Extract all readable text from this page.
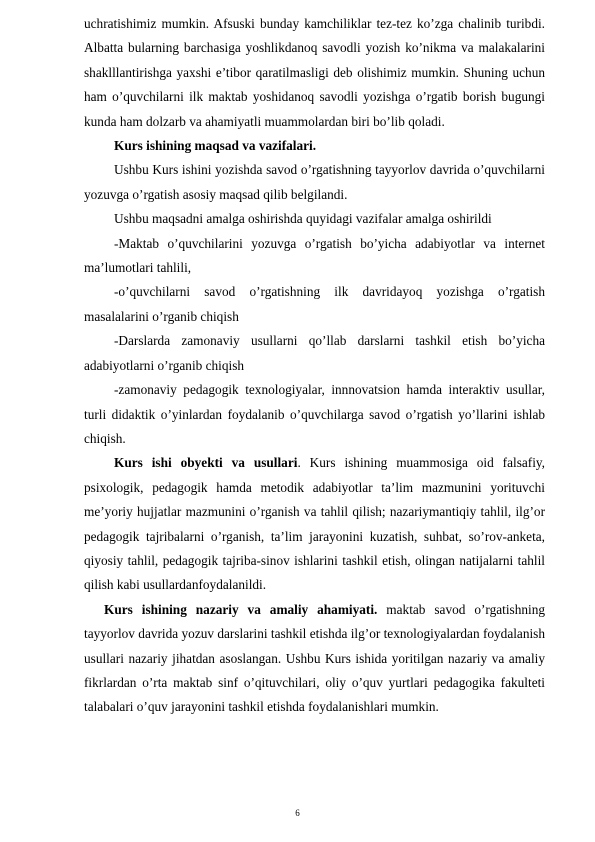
uchratishimiz mumkin. Afsuski bunday kamchiliklar tez-tez ko’zga chalinib turibdi. Albatta bularning barchasiga yoshlikdanoq savodli yozish ko’nikma va malakalarini shaklllantirishga yaxshi e’tibor qaratilmasligi deb olishimiz mumkin. Shuning uchun ham o’quvchilarni ilk maktab yoshidanoq savodli yozishga o’rgatib borish bugungi kunda ham dolzarb va ahamiyatli muammolardan biri bo’lib qoladi.

Kurs ishining maqsad va vazifalari.

Ushbu Kurs ishini yozishda savod o’rgatishning tayyorlov davrida o’quvchilarni yozuvga o’rgatish asosiy maqsad qilib belgilandi.

Ushbu maqsadni amalga oshirishda quyidagi vazifalar amalga oshirildi

-Maktab o’quvchilarini yozuvga o’rgatish bo’yicha adabiyotlar va internet ma’lumotlari tahlili,

-o’quvchilarni savod o’rgatishning ilk davridayoq yozishga o’rgatish masalalarini o’rganib chiqish

-Darslarda zamonaviy usullarni qo’llab darslarni tashkil etish bo’yicha adabiyotlarni o’rganib chiqish

-zamonaviy pedagogik texnologiyalar, innnovatsion hamda interaktiv usullar, turli didaktik o’yinlardan foydalanib o’quvchilarga savod o’rgatish yo’llarini ishlab chiqish.

Kurs ishi obyekti va usullari. Kurs ishining muammosiga oid falsafiy, psixologik, pedagogik hamda metodik adabiyotlar ta’lim mazmunini yorituvchi me’yoriy hujjatlar mazmunini o’rganish va tahlil qilish; nazariymantiqiy tahlil, ilg’or pedagogik tajribalarni o’rganish, ta’lim jarayonini kuzatish, suhbat, so’rov-anketa, qiyosiy tahlil, pedagogik tajriba-sinov ishlarini tashkil etish, olingan natijalarni tahlil qilish kabi usullardanfoydalanildi.

Kurs ishining nazariy va amaliy ahamiyati. maktab savod o’rgatishning tayyorlov davrida yozuv darslarini tashkil etishda ilg’or texnologiyalardan foydalanish usullari nazariy jihatdan asoslangan. Ushbu Kurs ishida yoritilgan nazariy va amaliy fikrlardan o’rta maktab sinf o’qituvchilari, oliy o’quv yurtlari pedagogika fakulteti talabalari o’quv jarayonini tashkil etishda foydalanishlari mumkin.

6
